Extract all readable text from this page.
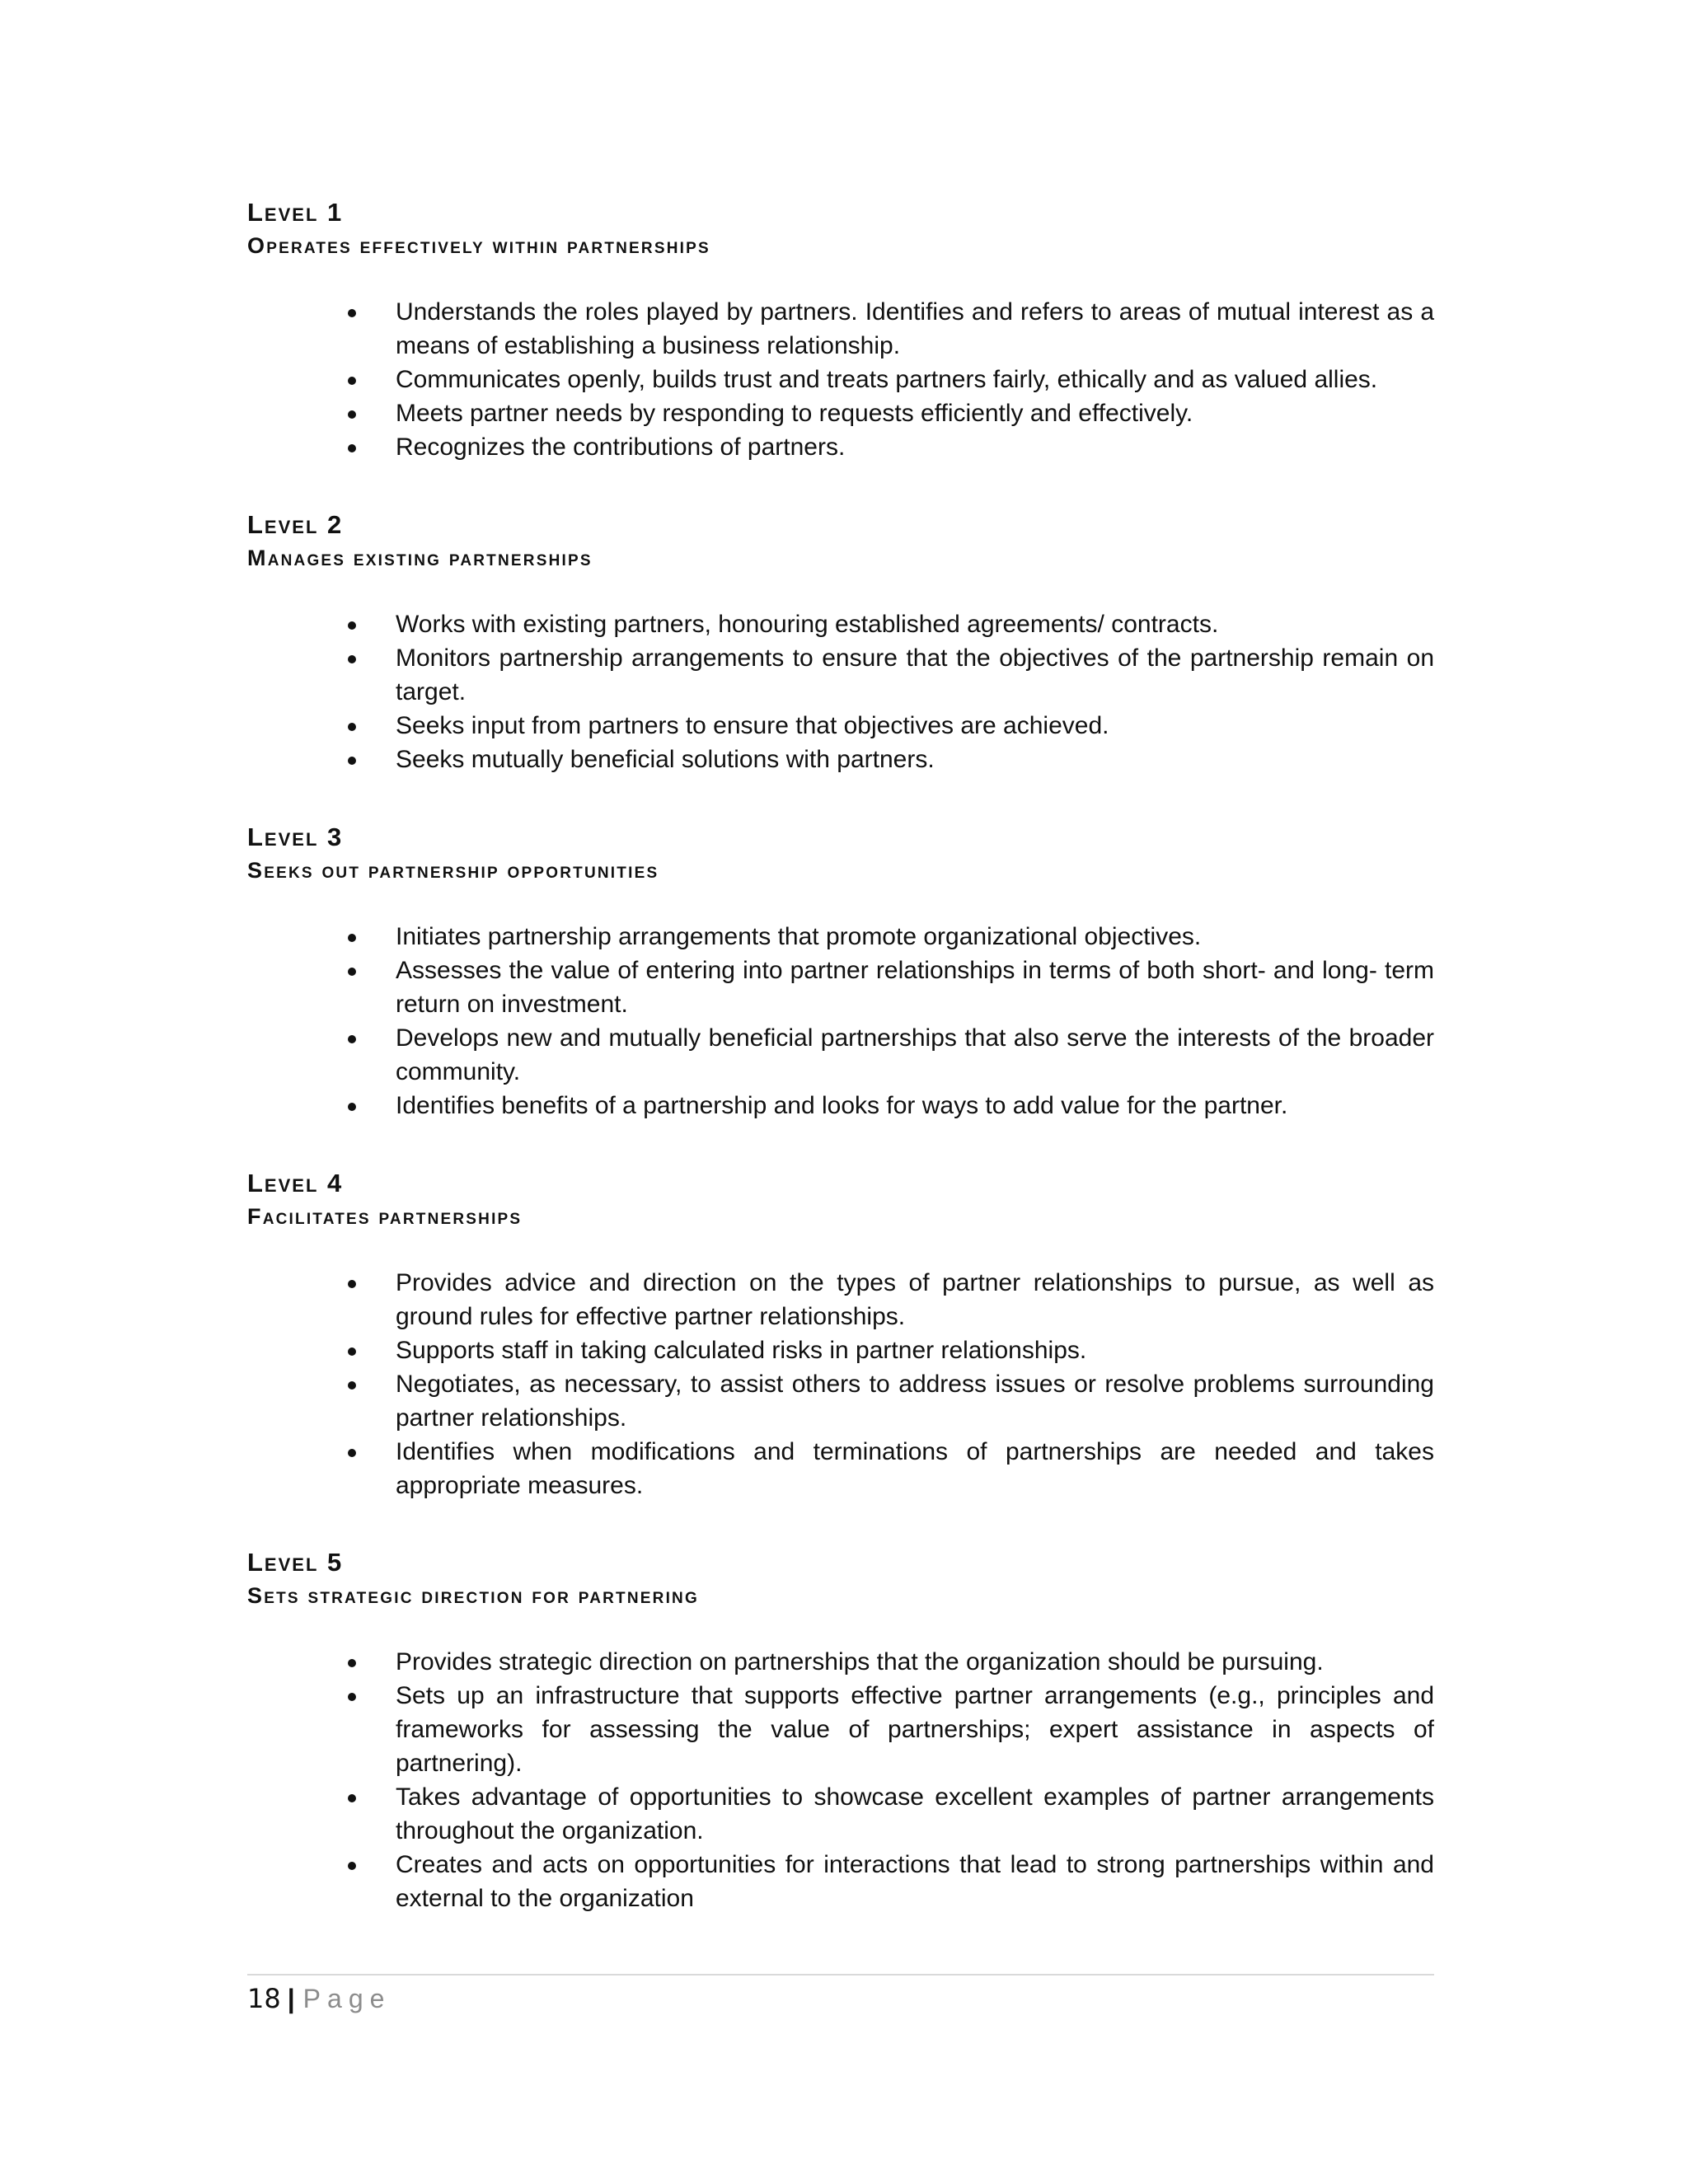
Level 1
Operates effectively within partnerships
Understands the roles played by partners. Identifies and refers to areas of mutual interest as a means of establishing a business relationship.
Communicates openly, builds trust and treats partners fairly, ethically and as valued allies.
Meets partner needs by responding to requests efficiently and effectively.
Recognizes the contributions of partners.
Level 2
Manages existing partnerships
Works with existing partners, honouring established agreements/ contracts.
Monitors partnership arrangements to ensure that the objectives of the partnership remain on target.
Seeks input from partners to ensure that objectives are achieved.
Seeks mutually beneficial solutions with partners.
Level 3
Seeks out partnership opportunities
Initiates partnership arrangements that promote organizational objectives.
Assesses the value of entering into partner relationships in terms of both short- and long- term return on investment.
Develops new and mutually beneficial partnerships that also serve the interests of the broader community.
Identifies benefits of a partnership and looks for ways to add value for the partner.
Level 4
Facilitates partnerships
Provides advice and direction on the types of partner relationships to pursue, as well as ground rules for effective partner relationships.
Supports staff in taking calculated risks in partner relationships.
Negotiates, as necessary, to assist others to address issues or resolve problems surrounding partner relationships.
Identifies when modifications and terminations of partnerships are needed and takes appropriate measures.
Level 5
Sets strategic direction for partnering
Provides strategic direction on partnerships that the organization should be pursuing.
Sets up an infrastructure that supports effective partner arrangements (e.g., principles and frameworks for assessing the value of partnerships; expert assistance in aspects of partnering).
Takes advantage of opportunities to showcase excellent examples of partner arrangements throughout the organization.
Creates and acts on opportunities for interactions that lead to strong partnerships within and external to the organization
18 | Page
